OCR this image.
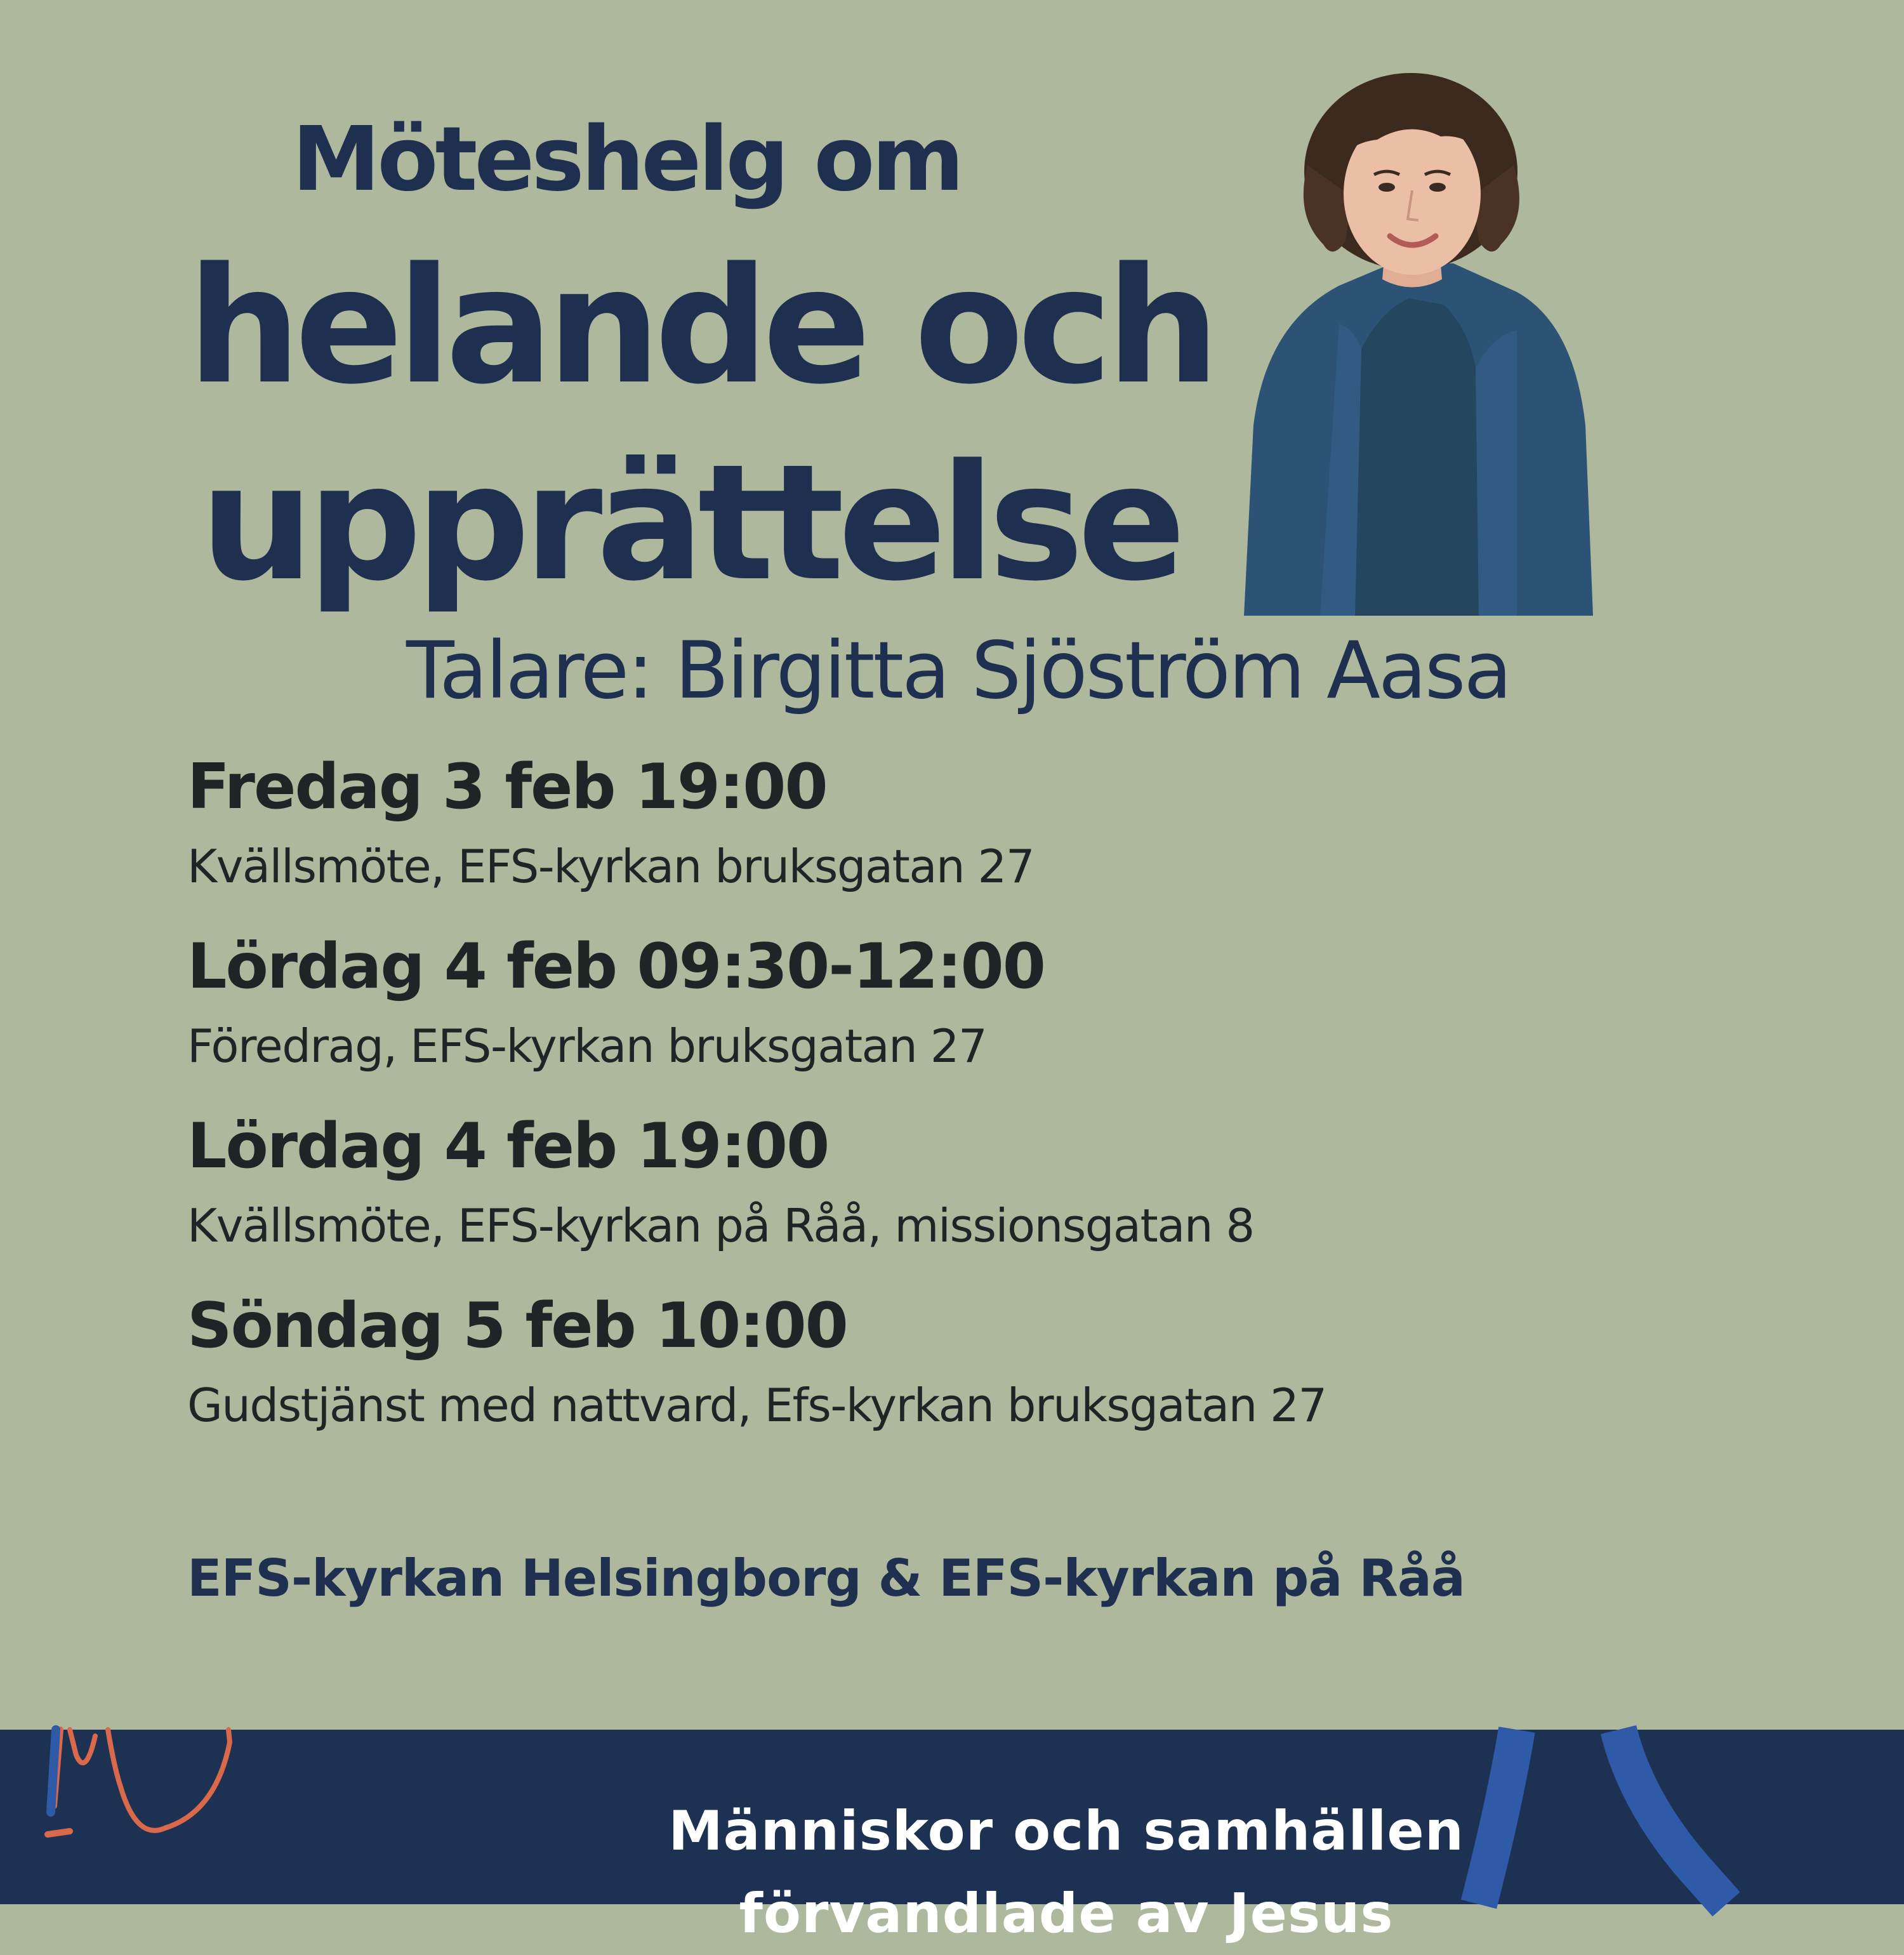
Möteshelg om
helande och
upprättelse
Talare: Birgitta Sjöström Aasa
Fredag 3 feb 19:00
Kvällsmöte, EFS-kyrkan bruksgatan 27
Lördag 4 feb 09:30-12:00
Föredrag, EFS-kyrkan bruksgatan 27
Lördag 4 feb 19:00
Kvällsmöte, EFS-kyrkan på Råå, missionsgatan 8
Söndag 5 feb 10:00
Gudstjänst med nattvard, Efs-kyrkan bruksgatan 27
EFS-kyrkan Helsingborg & EFS-kyrkan på Råå
Människor och samhällen
förvandlade av Jesus
